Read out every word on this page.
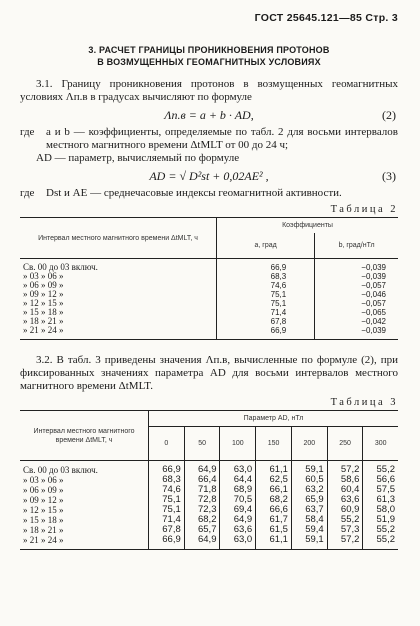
ГОСТ 25645.121—85 Стр. 3
3. РАСЧЕТ ГРАНИЦЫ ПРОНИКНОВЕНИЯ ПРОТОНОВ
В ВОЗМУЩЕННЫХ ГЕОМАГНИТНЫХ УСЛОВИЯХ
3.1. Границу проникновения протонов в возмущенных геомагнитных условиях Λп.в в градусах вычисляют по формуле
Λп.в = a + b · AD,	(2)
где	a и b — коэффициенты, определяемые по табл. 2 для восьми интервалов местного магнитного времени ΔtMLT от 00 до 24 ч;
AD — параметр, вычисляемый по формуле
AD = √ D²st + 0,02AE² ,	(3)
где	Dst и AE — среднечасовые индексы геомагнитной активности.
Таблица 2
Интервал местного магнитного времени ΔtMLT, ч	Коэффициенты	
	a, град	b, град/нТл

Св. 00 до 03 включ.	66,9	−0,039
» 03 » 06 »	68,3	−0,039
» 06 » 09 »	74,6	−0,057
» 09 » 12 »	75,1	−0,046
» 12 » 15 »	75,1	−0,057
» 15 » 18 »	71,4	−0,065
» 18 » 21 »	67,8	−0,042
» 21 » 24 »	66,9	−0,039

3.2. В табл. 3 приведены значения Λп.в, вычисленные по формуле (2), при фиксированных значениях параметра AD для восьми интервалов местного магнитного времени ΔtMLT.
Таблица 3
Интервал местного магнитного времени ΔtMLT, ч	Параметр AD, нТл						
	0	50	100	150	200	250	300

Св. 00 до 03 включ.	66,9	64,9	63,0	61,1	59,1	57,2	55,2
» 03 » 06 »	68,3	66,4	64,4	62,5	60,5	58,6	56,6
» 06 » 09 »	74,6	71,8	68,9	66,1	63,2	60,4	57,5
» 09 » 12 »	75,1	72,8	70,5	68,2	65,9	63,6	61,3
» 12 » 15 »	75,1	72,3	69,4	66,6	63,7	60,9	58,0
» 15 » 18 »	71,4	68,2	64,9	61,7	58,4	55,2	51,9
» 18 » 21 »	67,8	65,7	63,6	61,5	59,4	57,3	55,2
» 21 » 24 »	66,9	64,9	63,0	61,1	59,1	57,2	55,2
